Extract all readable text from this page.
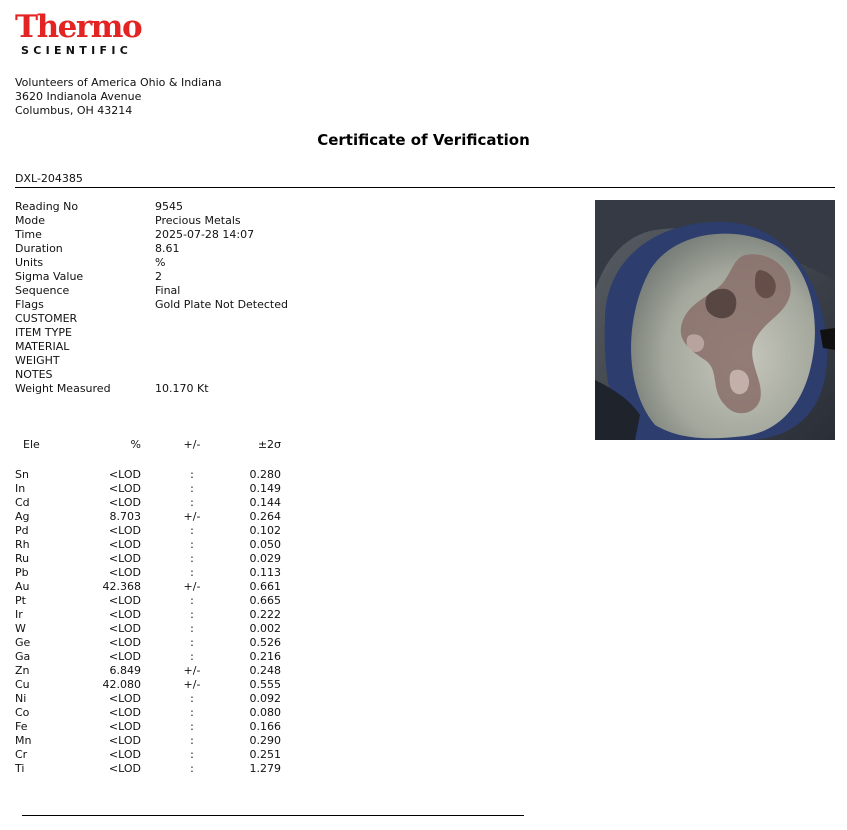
Thermo
SCIENTIFIC
Volunteers of America Ohio & Indiana
3620 Indianola Avenue
Columbus, OH 43214
Certificate of Verification
DXL-204385
Reading No	9545
Mode	Precious Metals
Time	2025-07-28 14:07
Duration	8.61
Units	%
Sigma Value	2
Sequence	Final
Flags	Gold Plate Not Detected
CUSTOMER
ITEM TYPE
MATERIAL
WEIGHT
NOTES
Weight Measured	10.170 Kt
Ele	%	+/-	±2σ
Sn	<LOD	:	0.280
In	<LOD	:	0.149
Cd	<LOD	:	0.144
Ag	8.703	+/-	0.264
Pd	<LOD	:	0.102
Rh	<LOD	:	0.050
Ru	<LOD	:	0.029
Pb	<LOD	:	0.113
Au	42.368	+/-	0.661
Pt	<LOD	:	0.665
Ir	<LOD	:	0.222
W	<LOD	:	0.002
Ge	<LOD	:	0.526
Ga	<LOD	:	0.216
Zn	6.849	+/-	0.248
Cu	42.080	+/-	0.555
Ni	<LOD	:	0.092
Co	<LOD	:	0.080
Fe	<LOD	:	0.166
Mn	<LOD	:	0.290
Cr	<LOD	:	0.251
Ti	<LOD	:	1.279
